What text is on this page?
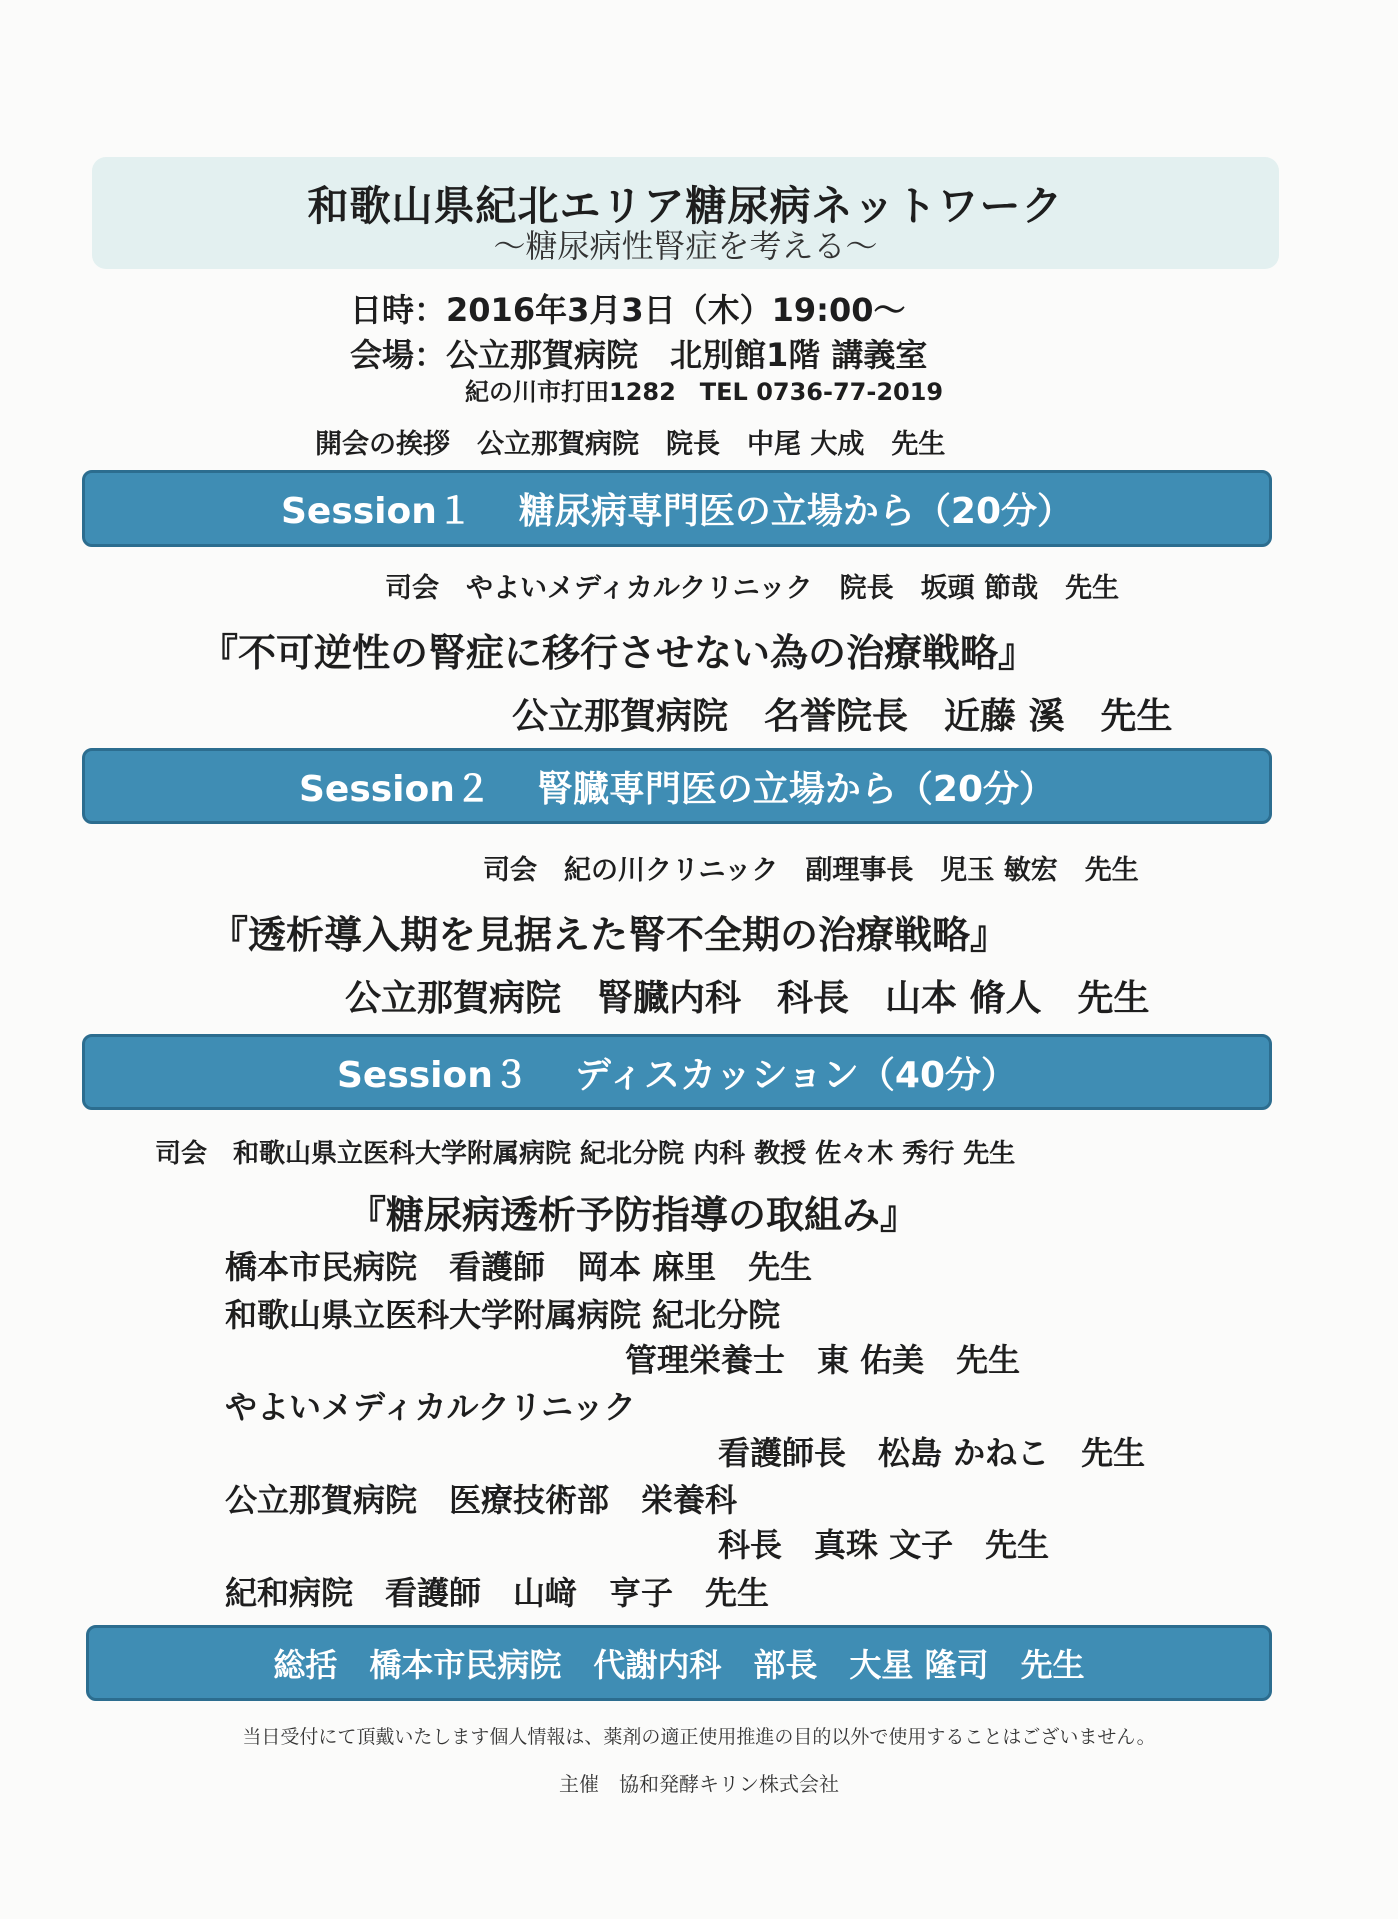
和歌山県紀北エリア糖尿病ネットワーク
～糖尿病性腎症を考える～
日時：2016年3月3日（木）19:00～
会場：公立那賀病院　北別館1階 講義室
紀の川市打田1282　TEL 0736-77-2019
開会の挨拶　公立那賀病院　院長　中尾 大成　先生
Session１ 糖尿病専門医の立場から（20分）
司会　やよいメディカルクリニック　院長　坂頭 節哉　先生
『不可逆性の腎症に移行させない為の治療戦略』
公立那賀病院　名誉院長　近藤 溪　先生
Session２ 腎臓専門医の立場から（20分）
司会　紀の川クリニック　副理事長　児玉 敏宏　先生
『透析導入期を見据えた腎不全期の治療戦略』
公立那賀病院　腎臓内科　科長　山本 脩人　先生
Session３ ディスカッション（40分）
司会　和歌山県立医科大学附属病院 紀北分院 内科 教授 佐々木 秀行 先生
『糖尿病透析予防指導の取組み』
橋本市民病院　看護師　岡本 麻里　先生
和歌山県立医科大学附属病院 紀北分院
管理栄養士　東 佑美　先生
やよいメディカルクリニック
看護師長　松島 かねこ　先生
公立那賀病院　医療技術部　栄養科
科長　真珠 文子　先生
紀和病院　看護師　山﨑　亨子　先生
総括　橋本市民病院　代謝内科　部長　大星 隆司　先生
当日受付にて頂戴いたします個人情報は、薬剤の適正使用推進の目的以外で使用することはございません。
主催　協和発酵キリン株式会社
